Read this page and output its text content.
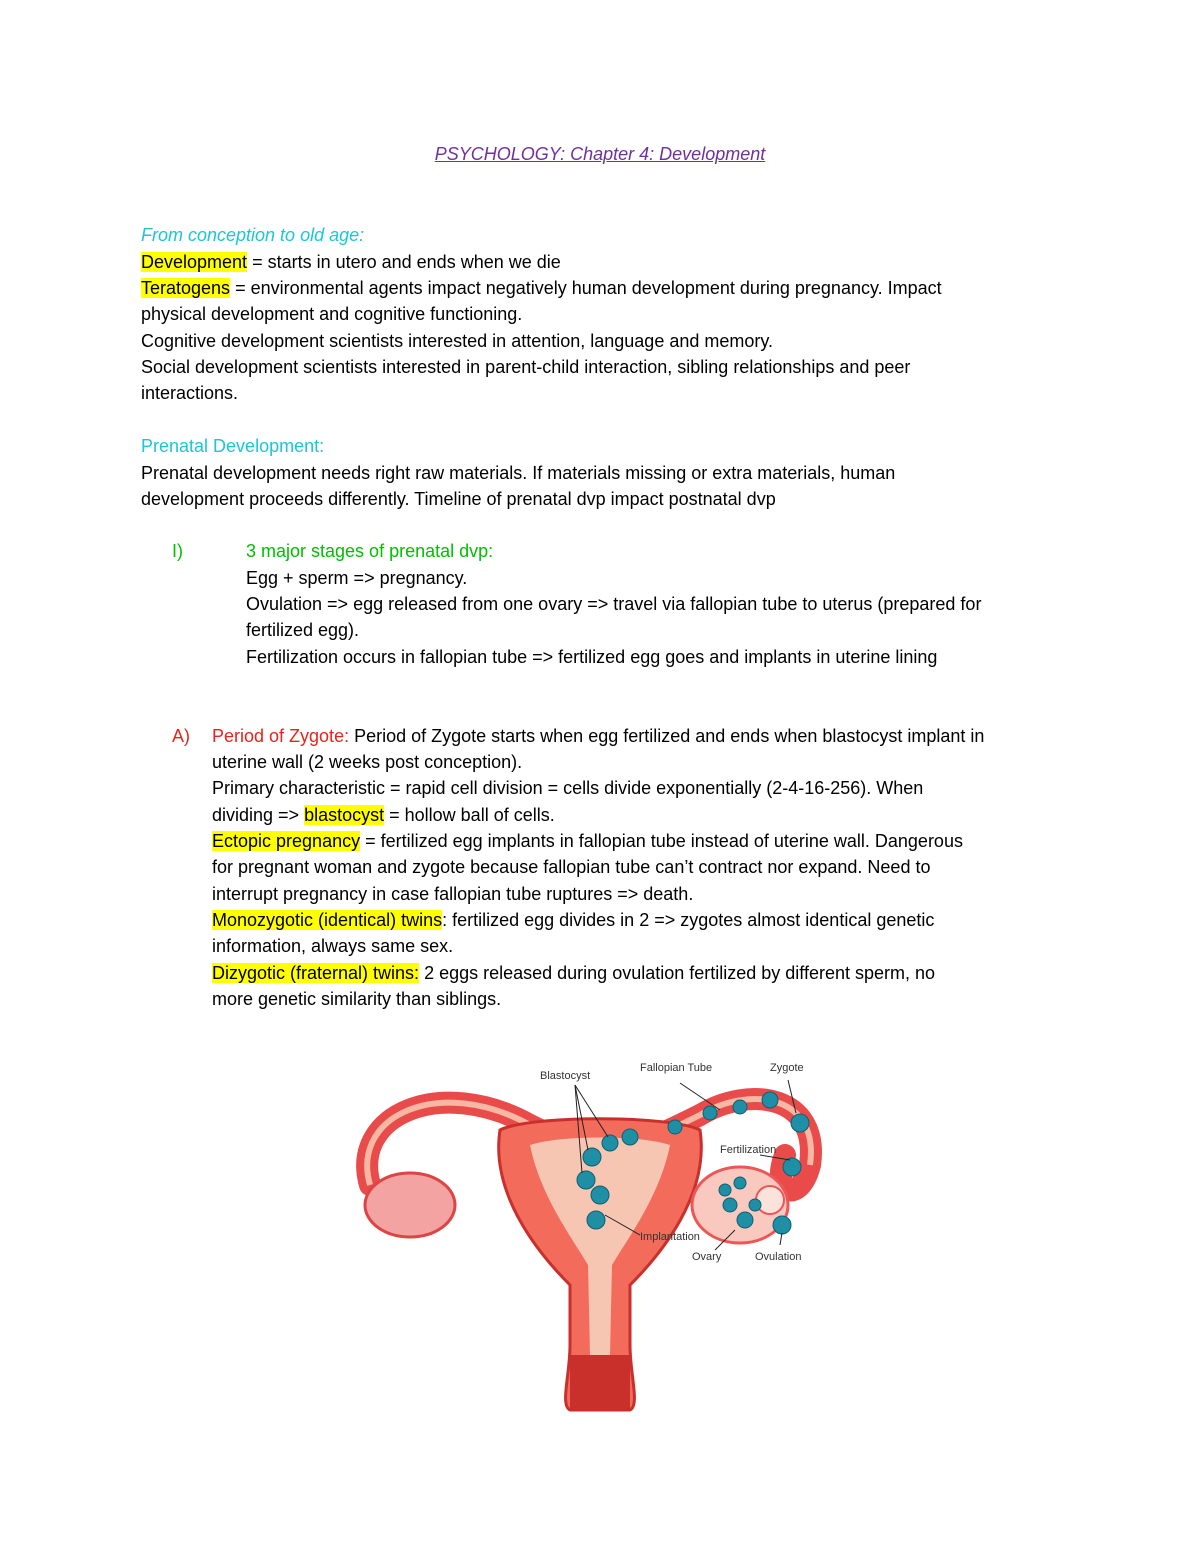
PSYCHOLOGY: Chapter 4: Development
From conception to old age:
Development = starts in utero and ends when we die
Teratogens = environmental agents impact negatively human development during pregnancy. Impact
physical development and cognitive functioning.
Cognitive development scientists interested in attention, language and memory.
Social development scientists interested in parent-child interaction, sibling relationships and peer
interactions.
Prenatal Development:
Prenatal development needs right raw materials. If materials missing or extra materials, human
development proceeds differently. Timeline of prenatal dvp impact postnatal dvp
I)	3 major stages of prenatal dvp:
Egg + sperm => pregnancy.
Ovulation => egg released from one ovary => travel via fallopian tube to uterus (prepared for
fertilized egg).
Fertilization occurs in fallopian tube => fertilized egg goes and implants in uterine lining
A) Period of Zygote: Period of Zygote starts when egg fertilized and ends when blastocyst implant in
uterine wall (2 weeks post conception).
Primary characteristic = rapid cell division = cells divide exponentially (2-4-16-256). When
dividing => blastocyst = hollow ball of cells.
Ectopic pregnancy = fertilized egg implants in fallopian tube instead of uterine wall. Dangerous
for pregnant woman and zygote because fallopian tube can’t contract nor expand. Need to
interrupt pregnancy in case fallopian tube ruptures => death.
Monozygotic (identical) twins: fertilized egg divides in 2 => zygotes almost identical genetic
information, always same sex.
Dizygotic (fraternal) twins: 2 eggs released during ovulation fertilized by different sperm, no
more genetic similarity than siblings.
Blastocyst
Fallopian Tube	Zygote
Fertilization
Implantation
Ovary	Ovulation
